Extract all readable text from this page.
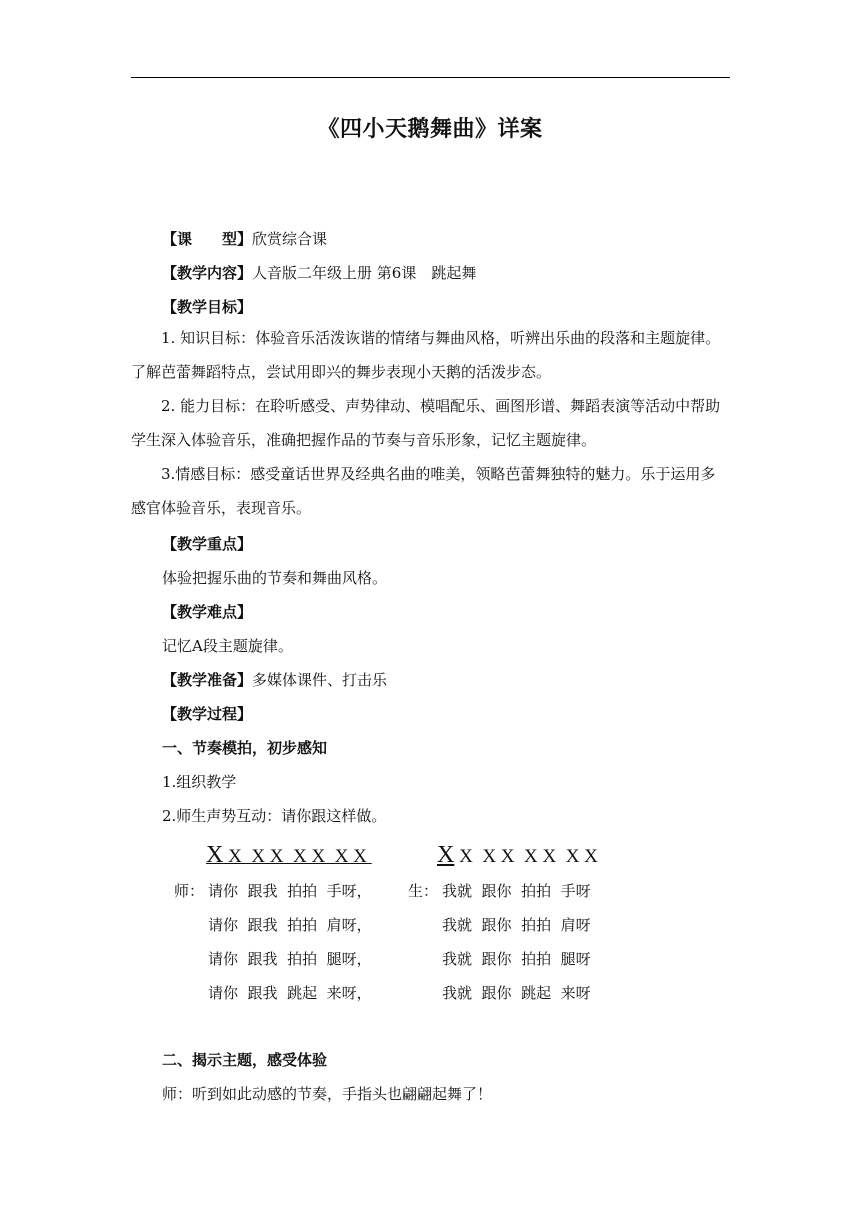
《四小天鹅舞曲》详案
【课　　型】欣赏综合课
【教学内容】人音版二年级上册 第6课　跳起舞
【教学目标】
1. 知识目标：体验音乐活泼诙谐的情绪与舞曲风格，听辨出乐曲的段落和主题旋律。了解芭蕾舞蹈特点，尝试用即兴的舞步表现小天鹅的活泼步态。
2. 能力目标：在聆听感受、声势律动、模唱配乐、画图形谱、舞蹈表演等活动中帮助学生深入体验音乐，准确把握作品的节奏与音乐形象，记忆主题旋律。
3.情感目标：感受童话世界及经典名曲的唯美，领略芭蕾舞独特的魅力。乐于运用多感官体验音乐，表现音乐。
【教学重点】
体验把握乐曲的节奏和舞曲风格。
【教学难点】
记忆A段主题旋律。
【教学准备】多媒体课件、打击乐
【教学过程】
一、节奏模拍，初步感知
1.组织教学
2.师生声势互动：请你跟这样做。
X X  X X  X X  X X	X X  X X  X X  X X
师： 请你  跟我  拍拍  手呀， 生： 我就  跟你  拍拍  手呀
请你  跟我  拍拍  肩呀，	我就  跟你  拍拍  肩呀
请你  跟我  拍拍  腿呀，	我就  跟你  拍拍  腿呀
请你  跟我  跳起  来呀，	我就  跟你  跳起  来呀
二、揭示主题，感受体验
师：听到如此动感的节奏，手指头也翩翩起舞了！
